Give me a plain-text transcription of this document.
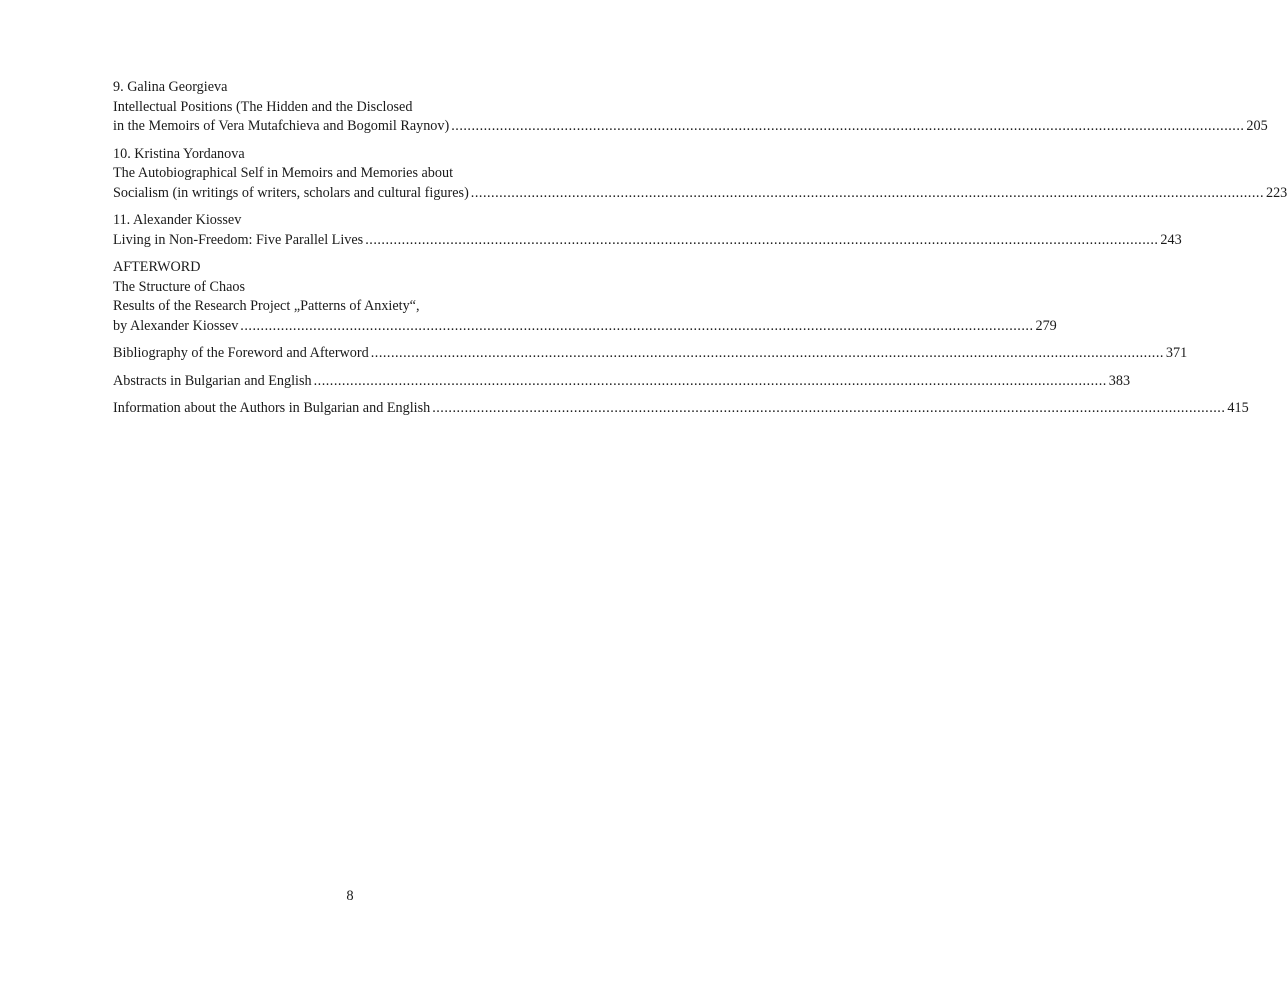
9. Galina Georgieva
Intellectual Positions (The Hidden and the Disclosed
in the Memoirs of Vera Mutafchieva and Bogomil Raynov) .....	205
10. Kristina Yordanova
The Autobiographical Self in Memoirs and Memories about
Socialism (in writings of writers, scholars and cultural figures) .....	223
11. Alexander Kiossev
Living in Non-Freedom: Five Parallel Lives .....	243
AFTERWORD
The Structure of Chaos
Results of the Research Project „Patterns of Anxiety“,
by Alexander Kiossev .....	279
Bibliography of the Foreword and Afterword .....	371
Abstracts in Bulgarian and English .....	383
Information about the Authors in Bulgarian and English .....	415
8
